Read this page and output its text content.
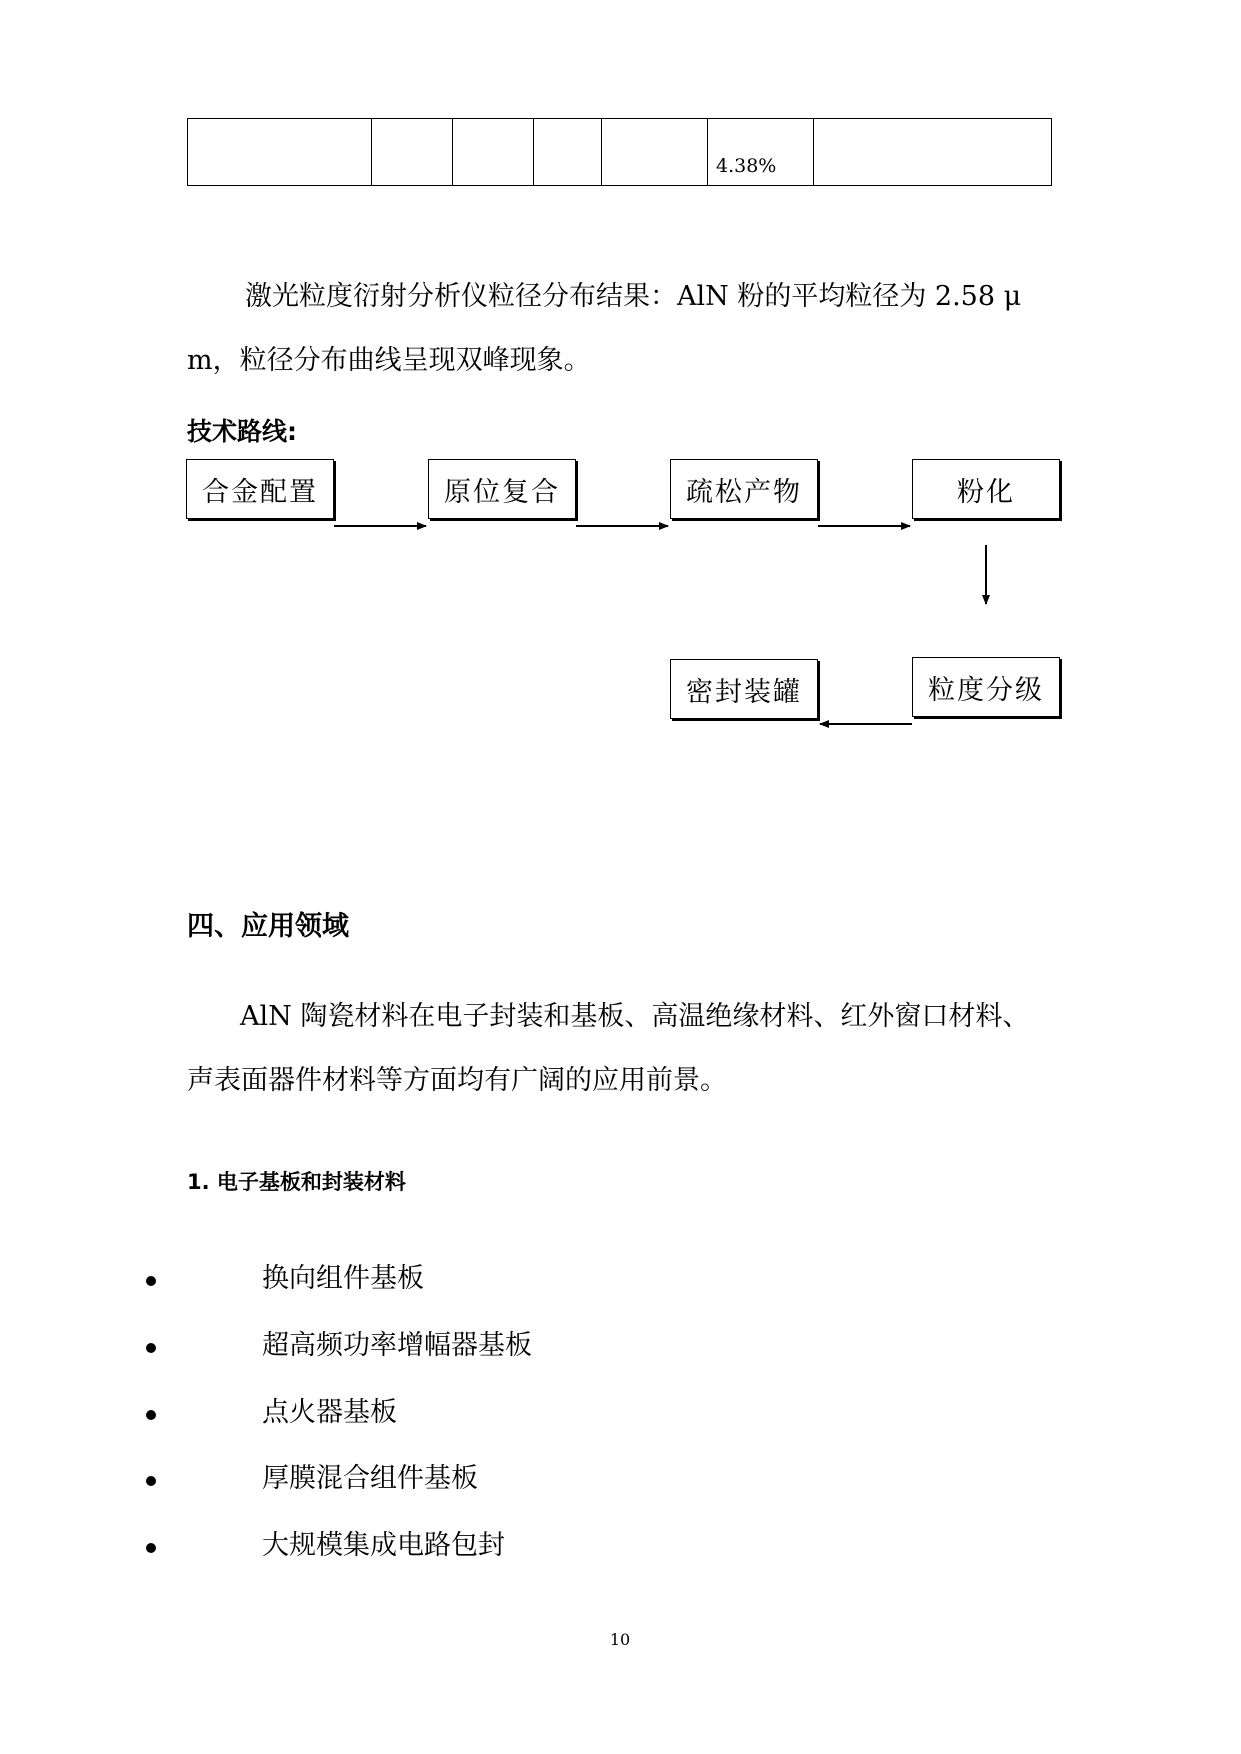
4.38%

激光粒度衍射分析仪粒径分布结果：AlN 粉的平均粒径为 2.58 μ
m，粒径分布曲线呈现双峰现象。
技术路线:
合金配置	原位复合	疏松产物	粉化
粒度分级
密封装罐
四、应用领域
AlN 陶瓷材料在电子封装和基板、高温绝缘材料、红外窗口材料、
声表面器件材料等方面均有广阔的应用前景。
1. 电子基板和封装材料
换向组件基板
超高频功率增幅器基板
点火器基板
厚膜混合组件基板
大规模集成电路包封
10
